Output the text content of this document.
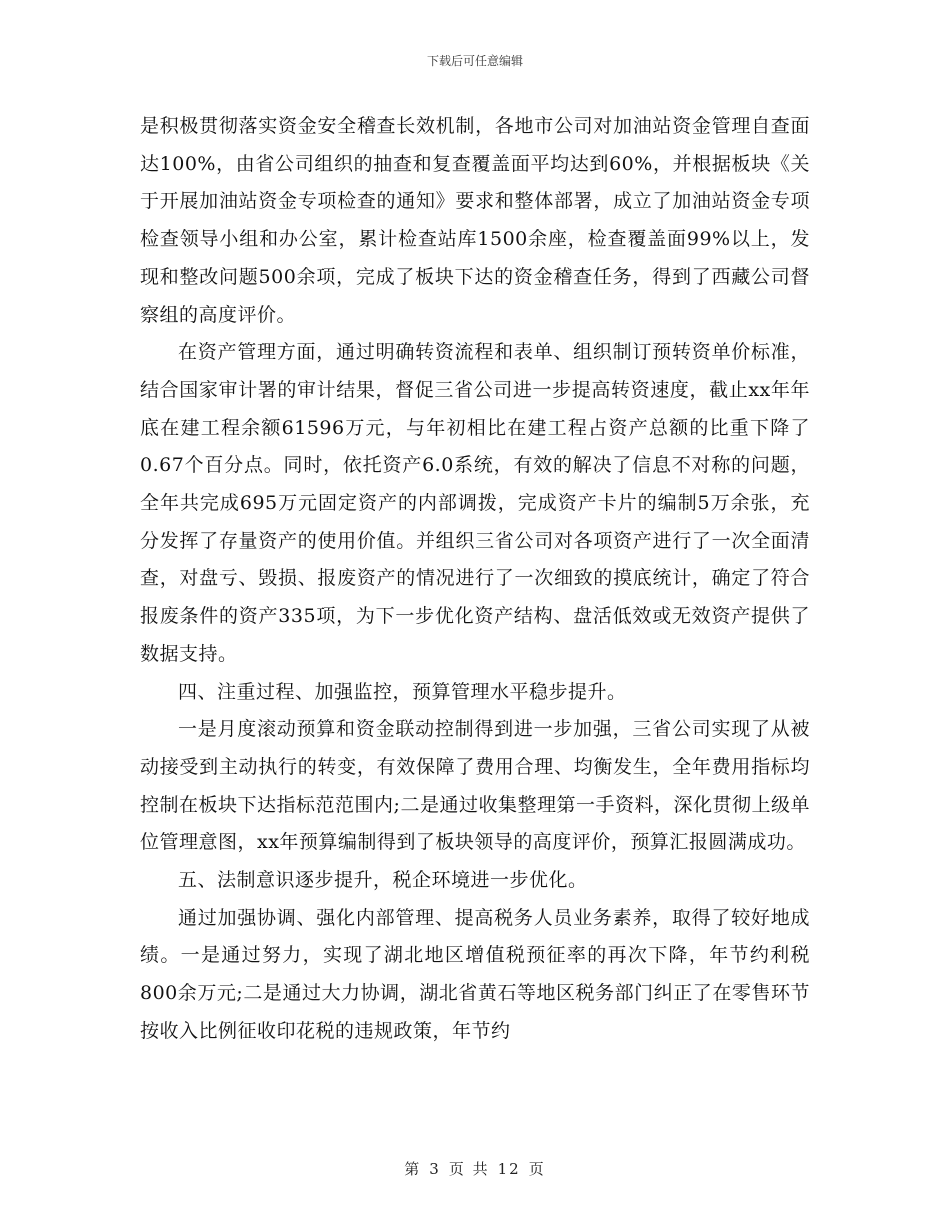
下载后可任意编辑

是积极贯彻落实资金安全稽查长效机制，各地市公司对加油站资金管理自查面达100%，由省公司组织的抽查和复查覆盖面平均达到60%，并根据板块《关于开展加油站资金专项检查的通知》要求和整体部署，成立了加油站资金专项检查领导小组和办公室，累计检查站库1500余座，检查覆盖面99%以上，发现和整改问题500余项，完成了板块下达的资金稽查任务，得到了西藏公司督察组的高度评价。

在资产管理方面，通过明确转资流程和表单、组织制订预转资单价标准，结合国家审计署的审计结果，督促三省公司进一步提高转资速度，截止xx年年底在建工程余额61596万元，与年初相比在建工程占资产总额的比重下降了0.67个百分点。同时，依托资产6.0系统，有效的解决了信息不对称的问题，全年共完成695万元固定资产的内部调拨，完成资产卡片的编制5万余张，充分发挥了存量资产的使用价值。并组织三省公司对各项资产进行了一次全面清查，对盘亏、毁损、报废资产的情况进行了一次细致的摸底统计，确定了符合报废条件的资产335项，为下一步优化资产结构、盘活低效或无效资产提供了数据支持。

四、注重过程、加强监控，预算管理水平稳步提升。

一是月度滚动预算和资金联动控制得到进一步加强，三省公司实现了从被动接受到主动执行的转变，有效保障了费用合理、均衡发生，全年费用指标均控制在板块下达指标范范围内;二是通过收集整理第一手资料，深化贯彻上级单位管理意图，xx年预算编制得到了板块领导的高度评价，预算汇报圆满成功。

五、法制意识逐步提升，税企环境进一步优化。

通过加强协调、强化内部管理、提高税务人员业务素养，取得了较好地成绩。一是通过努力，实现了湖北地区增值税预征率的再次下降，年节约利税800余万元;二是通过大力协调，湖北省黄石等地区税务部门纠正了在零售环节按收入比例征收印花税的违规政策，年节约

第 3 页 共 12 页
